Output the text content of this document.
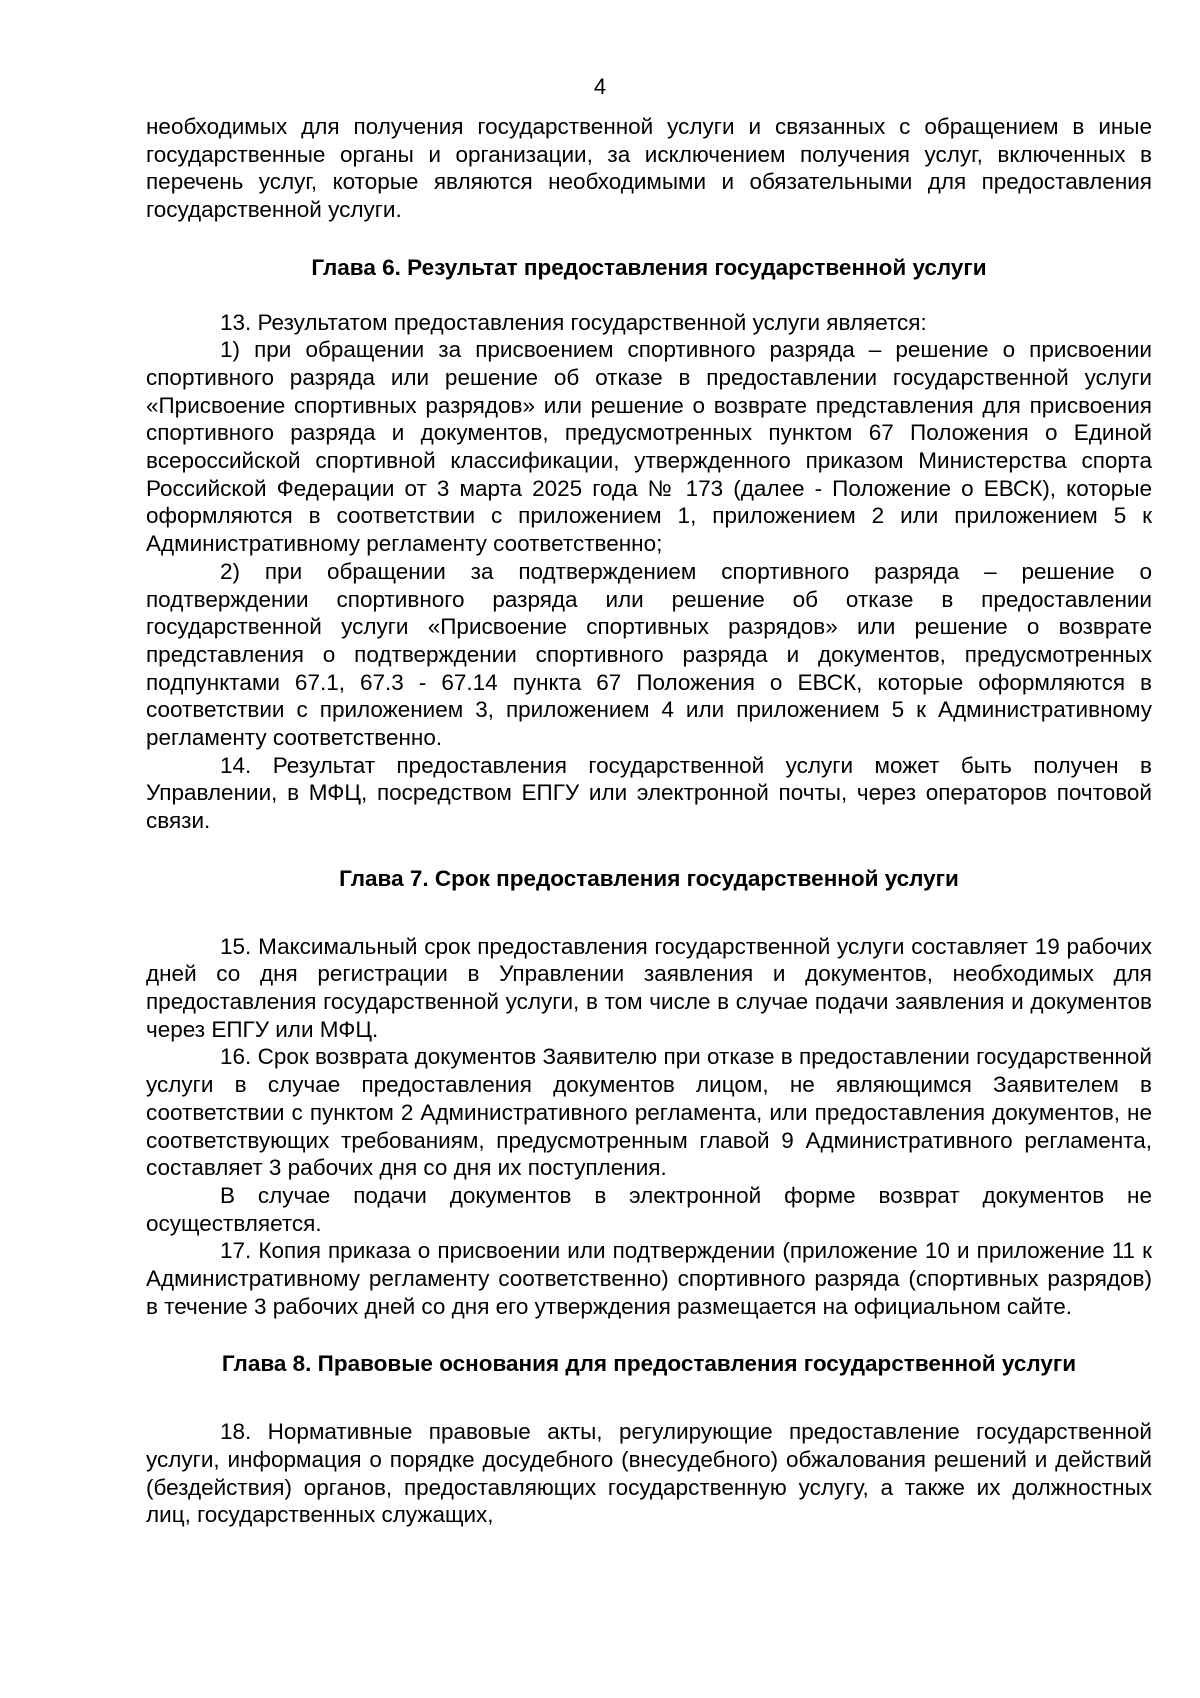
4

необходимых для получения государственной услуги и связанных с обращением в иные государственные органы и организации, за исключением получения услуг, включенных в перечень услуг, которые являются необходимыми и обязательными для предоставления государственной услуги.

Глава 6. Результат предоставления государственной услуги

13. Результатом предоставления государственной услуги является:

1) при обращении за присвоением спортивного разряда – решение о присвоении спортивного разряда или решение об отказе в предоставлении государственной услуги «Присвоение спортивных разрядов» или решение о возврате представления для присвоения спортивного разряда и документов, предусмотренных пунктом 67 Положения о Единой всероссийской спортивной классификации, утвержденного приказом Министерства спорта Российской Федерации от 3 марта 2025 года № 173 (далее - Положение о ЕВСК), которые оформляются в соответствии с приложением 1, приложением 2 или приложением 5 к Административному регламенту соответственно;

2) при обращении за подтверждением спортивного разряда – решение о подтверждении спортивного разряда или решение об отказе в предоставлении государственной услуги «Присвоение спортивных разрядов» или решение о возврате представления о подтверждении спортивного разряда и документов, предусмотренных подпунктами 67.1, 67.3 - 67.14 пункта 67 Положения о ЕВСК, которые оформляются в соответствии с приложением 3, приложением 4 или приложением 5 к Административному регламенту соответственно.

14. Результат предоставления государственной услуги может быть получен в Управлении, в МФЦ, посредством ЕПГУ или электронной почты, через операторов почтовой связи.

Глава 7. Срок предоставления государственной услуги

15. Максимальный срок предоставления государственной услуги составляет 19 рабочих дней со дня регистрации в Управлении заявления и документов, необходимых для предоставления государственной услуги, в том числе в случае подачи заявления и документов через ЕПГУ или МФЦ.

16. Срок возврата документов Заявителю при отказе в предоставлении государственной услуги в случае предоставления документов лицом, не являющимся Заявителем в соответствии с пунктом 2 Административного регламента, или предоставления документов, не соответствующих требованиям, предусмотренным главой 9 Административного регламента, составляет 3 рабочих дня со дня их поступления.

В случае подачи документов в электронной форме возврат документов не осуществляется.

17. Копия приказа о присвоении или подтверждении (приложение 10 и приложение 11 к Административному регламенту соответственно) спортивного разряда (спортивных разрядов) в течение 3 рабочих дней со дня его утверждения размещается на официальном сайте.

Глава 8. Правовые основания для предоставления государственной услуги

18. Нормативные правовые акты, регулирующие предоставление государственной услуги, информация о порядке досудебного (внесудебного) обжалования решений и действий (бездействия) органов, предоставляющих государственную услугу, а также их должностных лиц, государственных служащих,
